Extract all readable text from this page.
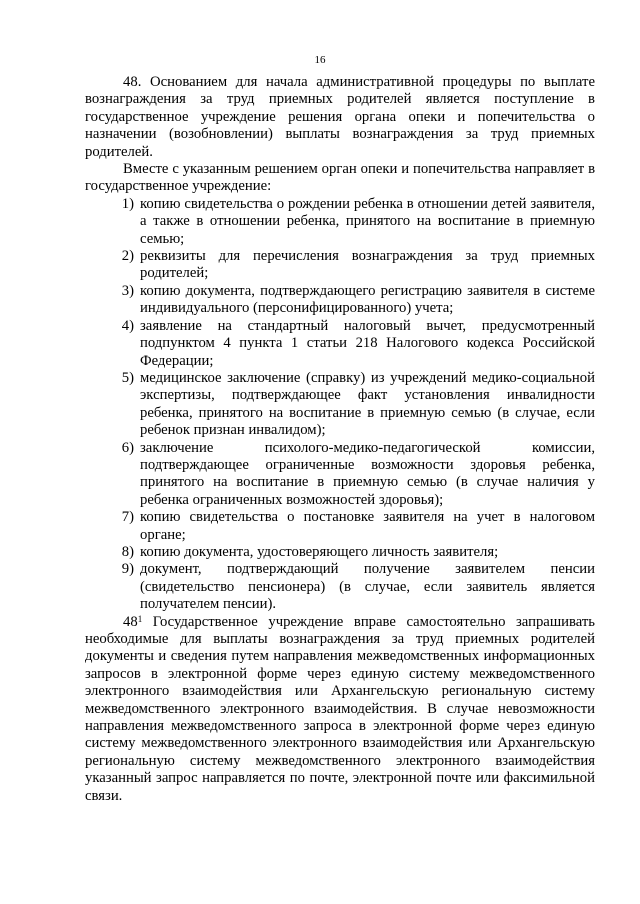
16

48. Основанием для начала административной процедуры по выплате вознаграждения за труд приемных родителей является поступление в государственное учреждение решения органа опеки и попечительства о назначении (возобновлении) выплаты вознаграждения за труд приемных родителей.

Вместе с указанным решением орган опеки и попечительства направляет в государственное учреждение:

1) копию свидетельства о рождении ребенка в отношении детей заявителя, а также в отношении ребенка, принятого на воспитание в приемную семью;
2) реквизиты для перечисления вознаграждения за труд приемных родителей;
3) копию документа, подтверждающего регистрацию заявителя в системе индивидуального (персонифицированного) учета;
4) заявление на стандартный налоговый вычет, предусмотренный подпунктом 4 пункта 1 статьи 218 Налогового кодекса Российской Федерации;
5) медицинское заключение (справку) из учреждений медико-социальной экспертизы, подтверждающее факт установления инвалидности ребенка, принятого на воспитание в приемную семью (в случае, если ребенок признан инвалидом);
6) заключение психолого-медико-педагогической комиссии, подтверждающее ограниченные возможности здоровья ребенка, принятого на воспитание в приемную семью (в случае наличия у ребенка ограниченных возможностей здоровья);
7) копию свидетельства о постановке заявителя на учет в налоговом органе;
8) копию документа, удостоверяющего личность заявителя;
9) документ, подтверждающий получение заявителем пенсии (свидетельство пенсионера) (в случае, если заявитель является получателем пенсии).

$48^1$ Государственное учреждение вправе самостоятельно запрашивать необходимые для выплаты вознаграждения за труд приемных родителей документы и сведения путем направления межведомственных информационных запросов в электронной форме через единую систему межведомственного электронного взаимодействия или Архангельскую региональную систему межведомственного электронного взаимодействия. В случае невозможности направления межведомственного запроса в электронной форме через единую систему межведомственного электронного взаимодействия или Архангельскую региональную систему межведомственного электронного взаимодействия указанный запрос направляется по почте, электронной почте или факсимильной связи.
